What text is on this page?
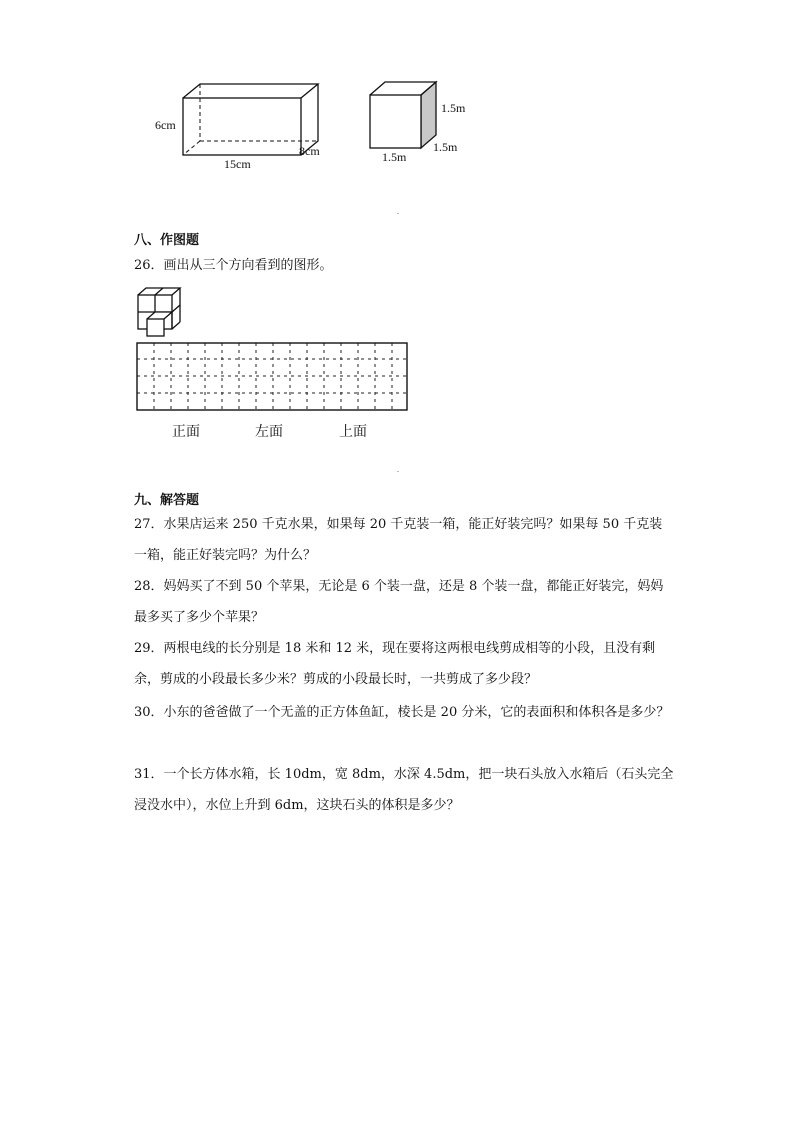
6cm
15cm
8cm
1.5m
1.5m
1.5m
八、作图题
26．画出从三个方向看到的图形。
正面	左面	上面
九、解答题
27．水果店运来 250 千克水果，如果每 20 千克装一箱，能正好装完吗？如果每 50 千克装一箱，能正好装完吗？为什么？
28．妈妈买了不到 50 个苹果，无论是 6 个装一盘，还是 8 个装一盘，都能正好装完，妈妈最多买了多少个苹果？
29．两根电线的长分别是 18 米和 12 米，现在要将这两根电线剪成相等的小段，且没有剩余，剪成的小段最长多少米？剪成的小段最长时，一共剪成了多少段？
30．小东的爸爸做了一个无盖的正方体鱼缸，棱长是 20 分米，它的表面积和体积各是多少？
31．一个长方体水箱，长 10dm，宽 8dm，水深 4.5dm，把一块石头放入水箱后（石头完全浸没水中），水位上升到 6dm，这块石头的体积是多少？
